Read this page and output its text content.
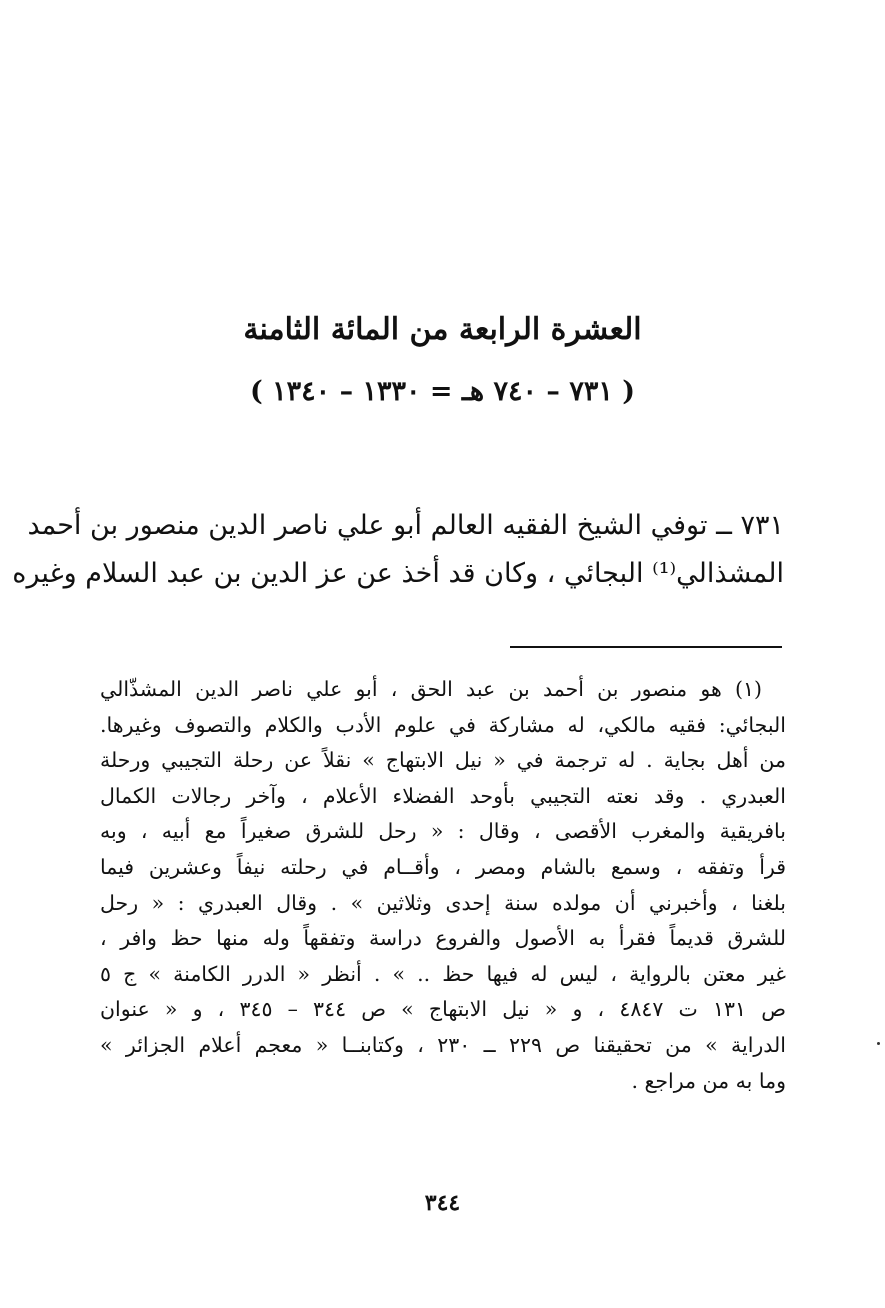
العشرة الرابعة من المائة الثامنة
( ٧٣١ – ٧٤٠ هـ = ١٣٣٠ – ١٣٤٠ )
٧٣١ ــ توفي الشيخ الفقيه العالم أبو علي ناصر الدين منصور بن أحمد
المشذالي⁽¹⁾ البجائي ، وكان قد أخذ عن عز الدين بن عبد السلام وغيره
(١) هو منصور بن أحمد بن عبد الحق ، أبو علي ناصر الدين المشذّالي
البجائي: فقيه مالكي، له مشاركة في علوم الأدب والكلام والتصوف وغيرها.
من أهل بجاية . له ترجمة في « نيل الابتهاج » نقلاً عن رحلة التجيبي ورحلة
العبدري . وقد نعته التجيبي بأوحد الفضلاء الأعلام ، وآخر رجالات الكمال
بافريقية والمغرب الأقصى ، وقال : « رحل للشرق صغيراً مع أبيه ، وبه
قرأ وتفقه ، وسمع بالشام ومصر ، وأقــام في رحلته نيفاً وعشرين فيما
بلغنا ، وأخبرني أن مولده سنة إحدى وثلاثين » . وقال العبدري : « رحل
للشرق قديماً فقرأ به الأصول والفروع دراسة وتفقهاً وله منها حظ وافر ،
غير معتن بالرواية ، ليس له فيها حظ .. » . أنظر « الدرر الكامنة » ج ٥
ص ١٣١ ت ٤٨٤٧ ، و « نيل الابتهاج » ص ٣٤٤ – ٣٤٥ ، و « عنوان
الدراية » من تحقيقنا ص ٢٢٩ ــ ٢٣٠ ، وكتابنــا « معجم أعلام الجزائر »
وما به من مراجع .
٣٤٤
